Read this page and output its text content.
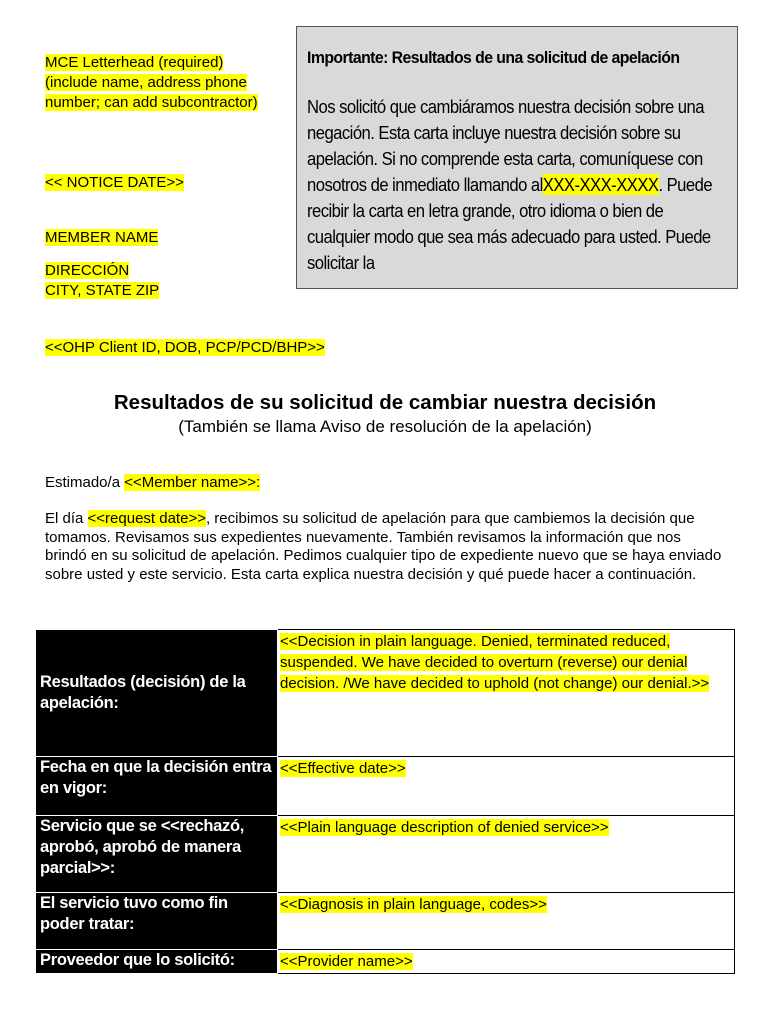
MCE Letterhead (required) (include name, address phone number; can add subcontractor)
<< NOTICE DATE>>
MEMBER NAME
DIRECCIÓN
CITY, STATE ZIP
Importante: Resultados de una solicitud de apelación
Nos solicitó que cambiáramos nuestra decisión sobre una negación. Esta carta incluye nuestra decisión sobre su apelación. Si no comprende esta carta, comuníquese con nosotros de inmediato llamando alXXX-XXX-XXXX. Puede recibir la carta en letra grande, otro idioma o bien de cualquier modo que sea más adecuado para usted. Puede solicitar la
<<OHP Client ID, DOB, PCP/PCD/BHP>>
Resultados de su solicitud de cambiar nuestra decisión
(También se llama Aviso de resolución de la apelación)
Estimado/a <<Member name>>:
El día <<request date>>, recibimos su solicitud de apelación para que cambiemos la decisión que tomamos. Revisamos sus expedientes nuevamente. También revisamos la información que nos brindó en su solicitud de apelación. Pedimos cualquier tipo de expediente nuevo que se haya enviado sobre usted y este servicio. Esta carta explica nuestra decisión y qué puede hacer a continuación.
Resultados (decisión) de la apelación:	<<Decision in plain language. Denied, terminated reduced, suspended. We have decided to overturn (reverse) our denial decision. /We have decided to uphold (not change) our denial.>>
Fecha en que la decisión entra en vigor:	<<Effective date>>
Servicio que se <<rechazó, aprobó, aprobó de manera parcial>>:	<<Plain language description of denied service>>
El servicio tuvo como fin poder tratar:	<<Diagnosis in plain language, codes>>
Proveedor que lo solicitó:	<<Provider name>>
